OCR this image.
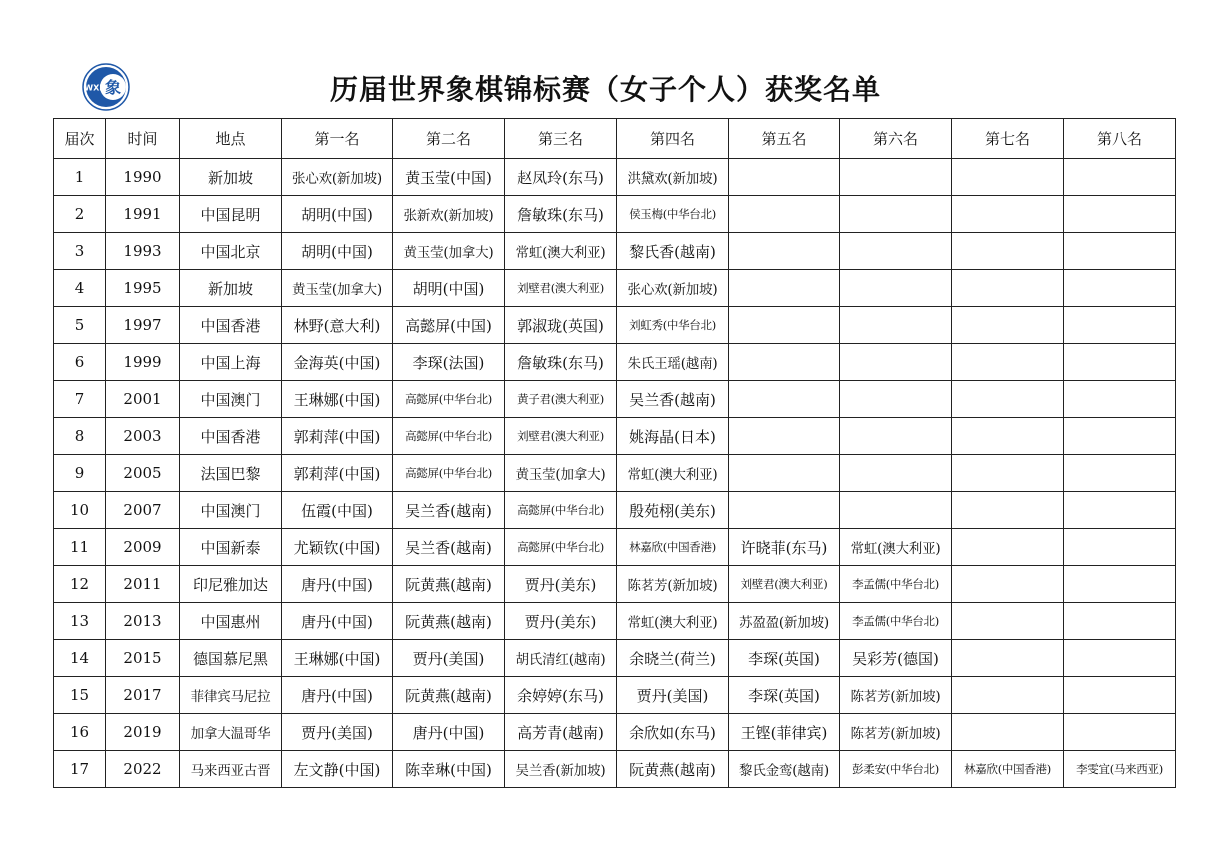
象
WXF	历届世界象棋锦标赛（女子个人）获奖名单
届次	时间	地点	第一名	第二名	第三名	第四名	第五名	第六名	第七名	第八名
1	1990	新加坡	张心欢(新加坡)	黄玉莹(中国)	赵凤玲(东马)	洪黛欢(新加坡)				
2	1991	中国昆明	胡明(中国)	张新欢(新加坡)	詹敏珠(东马)	侯玉梅(中华台北)				
3	1993	中国北京	胡明(中国)	黄玉莹(加拿大)	常虹(澳大利亚)	黎氏香(越南)				
4	1995	新加坡	黄玉莹(加拿大)	胡明(中国)	刘壁君(澳大利亚)	张心欢(新加坡)				
5	1997	中国香港	林野(意大利)	高懿屏(中国)	郭淑珑(英国)	刘虹秀(中华台北)				
6	1999	中国上海	金海英(中国)	李琛(法国)	詹敏珠(东马)	朱氏王瑶(越南)				
7	2001	中国澳门	王琳娜(中国)	高懿屏(中华台北)	黄子君(澳大利亚)	吴兰香(越南)				
8	2003	中国香港	郭莉萍(中国)	高懿屏(中华台北)	刘壁君(澳大利亚)	姚海晶(日本)				
9	2005	法国巴黎	郭莉萍(中国)	高懿屏(中华台北)	黄玉莹(加拿大)	常虹(澳大利亚)				
10	2007	中国澳门	伍霞(中国)	吴兰香(越南)	高懿屏(中华台北)	殷苑栩(美东)				
11	2009	中国新泰	尤颖钦(中国)	吴兰香(越南)	高懿屏(中华台北)	林嘉欣(中国香港)	许晓菲(东马)	常虹(澳大利亚)		
12	2011	印尼雅加达	唐丹(中国)	阮黄燕(越南)	贾丹(美东)	陈茗芳(新加坡)	刘壁君(澳大利亚)	李孟儒(中华台北)		
13	2013	中国惠州	唐丹(中国)	阮黄燕(越南)	贾丹(美东)	常虹(澳大利亚)	苏盈盈(新加坡)	李孟儒(中华台北)		
14	2015	德国慕尼黑	王琳娜(中国)	贾丹(美国)	胡氏清红(越南)	余晓兰(荷兰)	李琛(英国)	吴彩芳(德国)		
15	2017	菲律宾马尼拉	唐丹(中国)	阮黄燕(越南)	余婷婷(东马)	贾丹(美国)	李琛(英国)	陈茗芳(新加坡)		
16	2019	加拿大温哥华	贾丹(美国)	唐丹(中国)	高芳青(越南)	余欣如(东马)	王铿(菲律宾)	陈茗芳(新加坡)		
17	2022	马来西亚古晋	左文静(中国)	陈幸琳(中国)	吴兰香(新加坡)	阮黄燕(越南)	黎氏金鸾(越南)	彭柔安(中华台北)	林嘉欣(中国香港)	李雯宜(马来西亚)
